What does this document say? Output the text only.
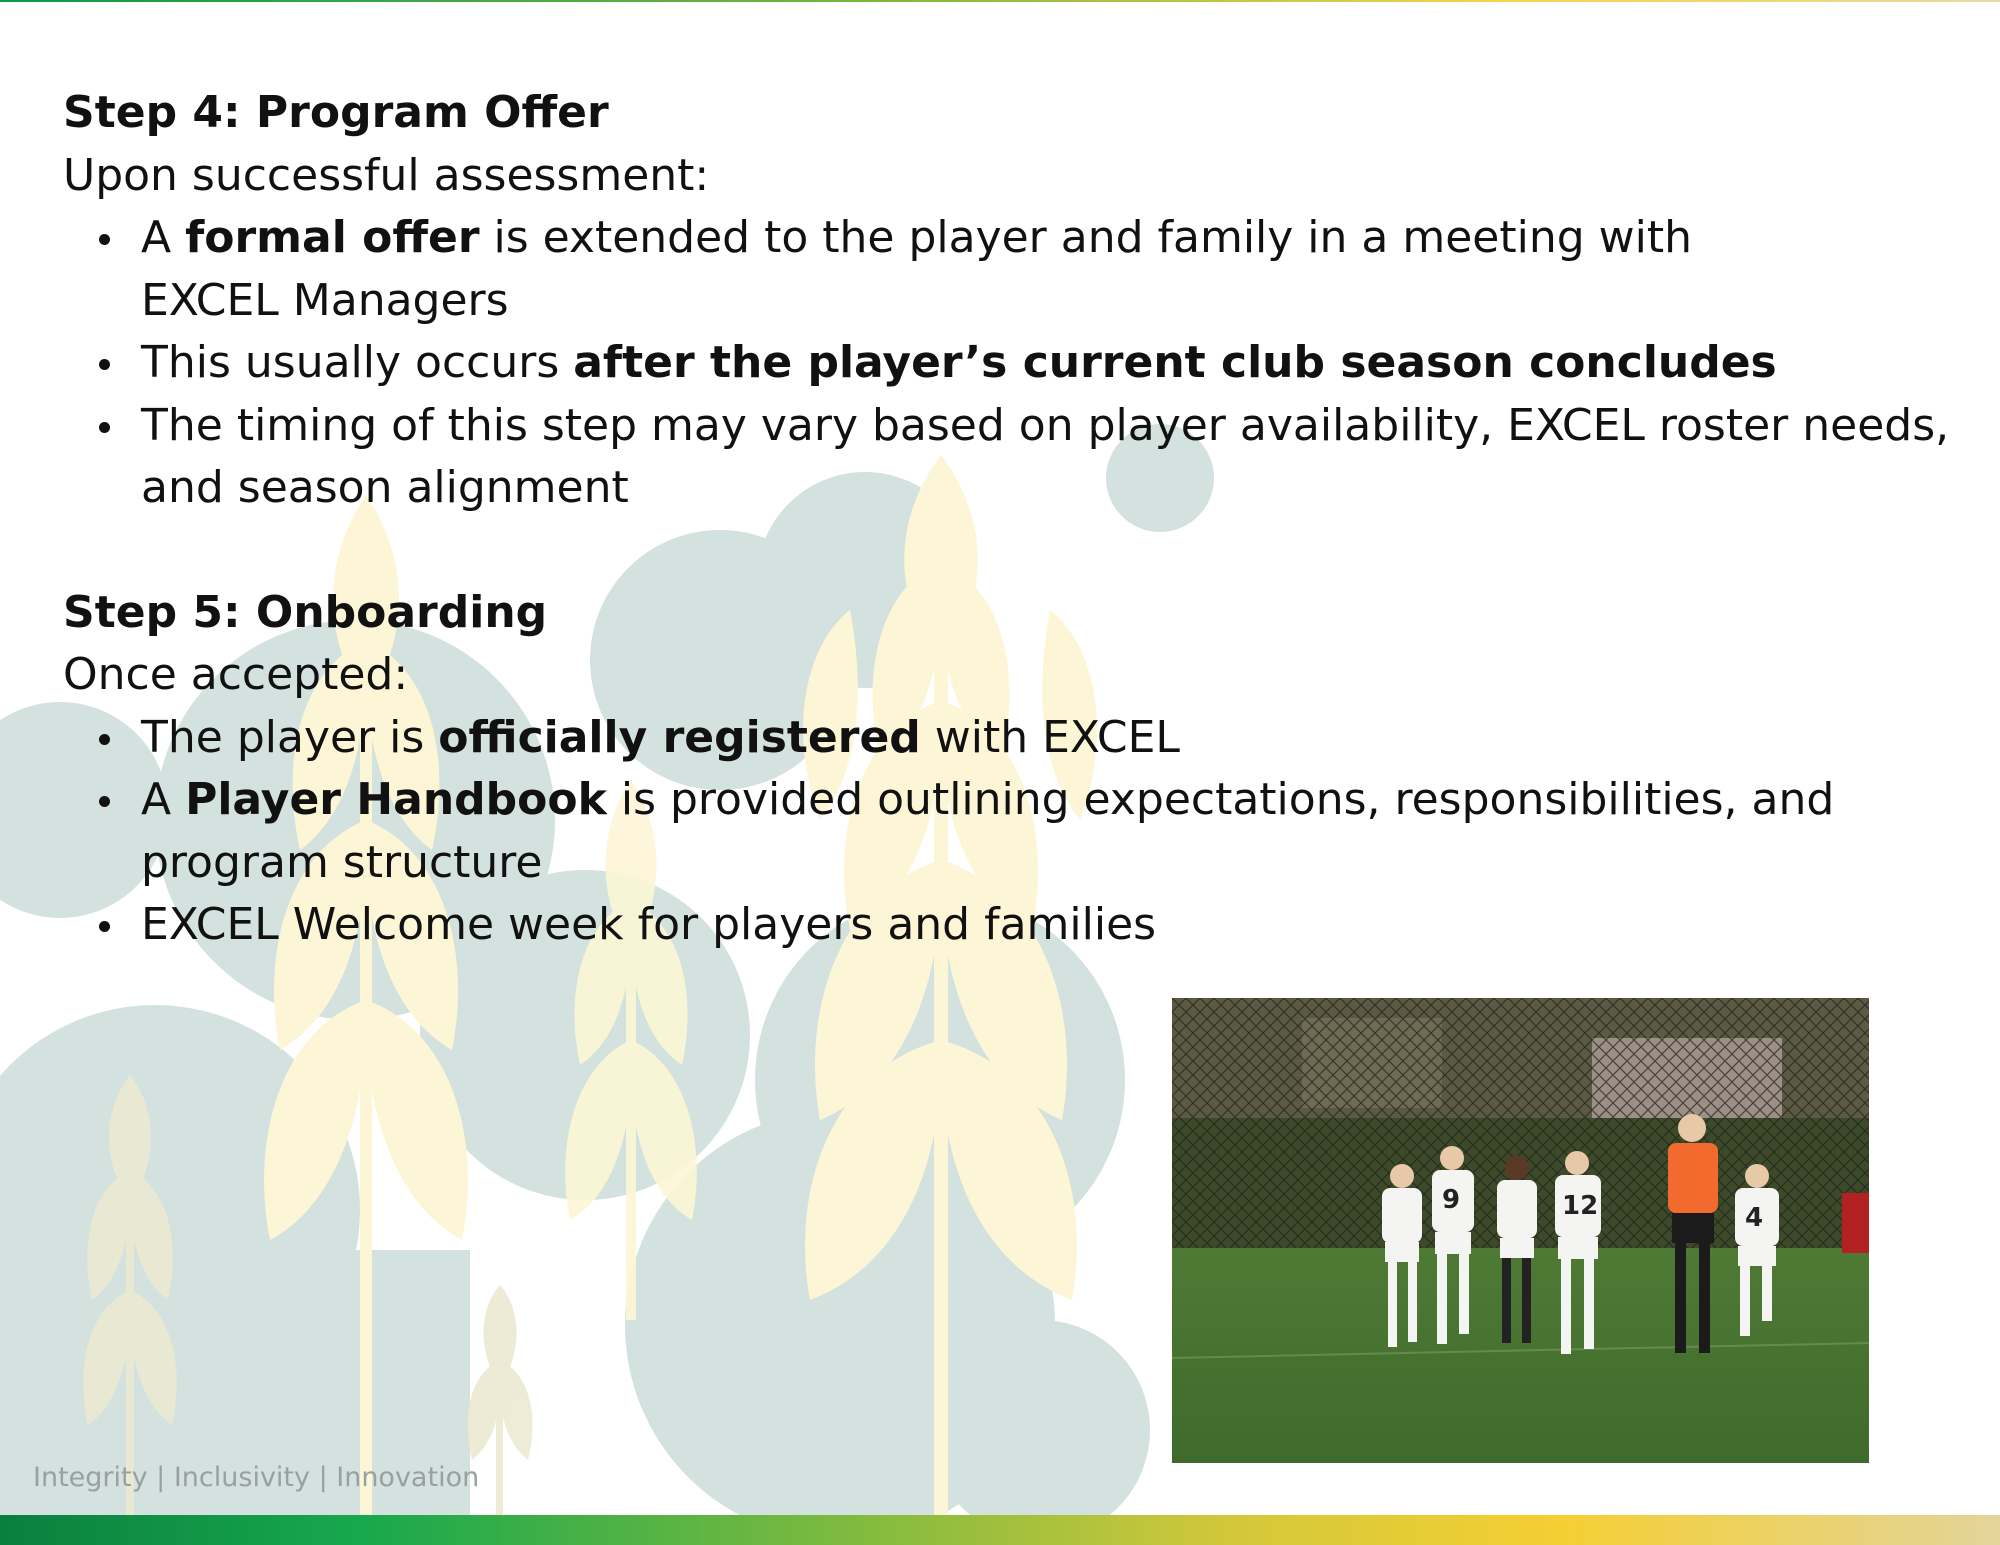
Step 4: Program Offer

Upon successful assessment:

A formal offer is extended to the player and family in a meeting with EXCEL Managers
This usually occurs after the player’s current club season concludes
The timing of this step may vary based on player availability, EXCEL roster needs, and season alignment

Step 5: Onboarding

Once accepted:

The player is officially registered with EXCEL
A Player Handbook is provided outlining expectations, responsibilities, and program structure
EXCEL Welcome week for players and families
9	12	4
Integrity | Inclusivity | Innovation
